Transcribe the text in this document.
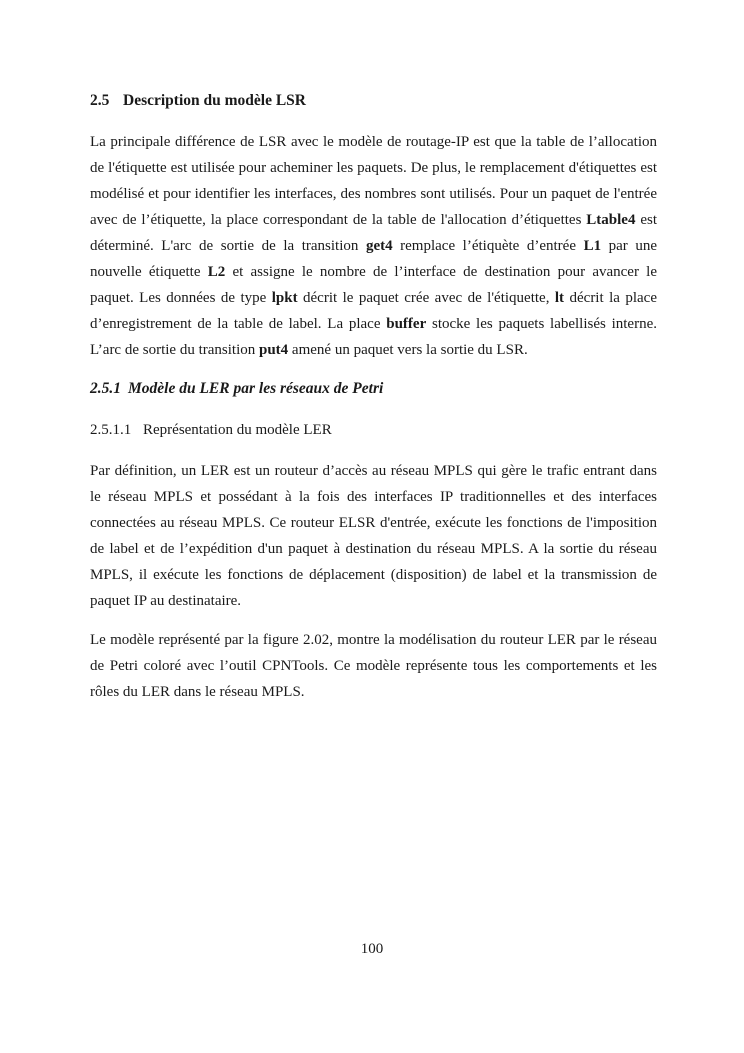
2.5 Description du modèle LSR

La principale différence de LSR avec le modèle de routage-IP est que la table de l’allocation de l'étiquette est utilisée pour acheminer les paquets. De plus, le remplacement d'étiquettes est modélisé et pour identifier les interfaces, des nombres sont utilisés. Pour un paquet de l'entrée avec de l’étiquette, la place correspondant de la table de l'allocation d’étiquettes Ltable4 est déterminé. L'arc de sortie de la transition get4 remplace l’étiquète d’entrée L1 par une nouvelle étiquette L2 et assigne le nombre de l’interface de destination pour avancer le paquet. Les données de type lpkt décrit le paquet crée avec de l'étiquette, lt décrit la place d’enregistrement de la table de label. La place buffer stocke les paquets labellisés interne. L’arc de sortie du transition put4 amené un paquet vers la sortie du LSR.

2.5.1 Modèle du LER par les réseaux de Petri
2.5.1.1 Représentation du modèle LER

Par définition, un LER est un routeur d’accès au réseau MPLS qui gère le trafic entrant dans le réseau MPLS et possédant à la fois des interfaces IP traditionnelles et des interfaces connectées au réseau MPLS. Ce routeur ELSR d'entrée, exécute les fonctions de l'imposition de label et de l’expédition d'un paquet à destination du réseau MPLS. A la sortie du réseau MPLS, il exécute les fonctions de déplacement (disposition) de label et la transmission de paquet IP au destinataire.

Le modèle représenté par la figure 2.02, montre la modélisation du routeur LER par le réseau de Petri coloré avec l’outil CPNTools. Ce modèle représente tous les comportements et les rôles du LER dans le réseau MPLS.

100
